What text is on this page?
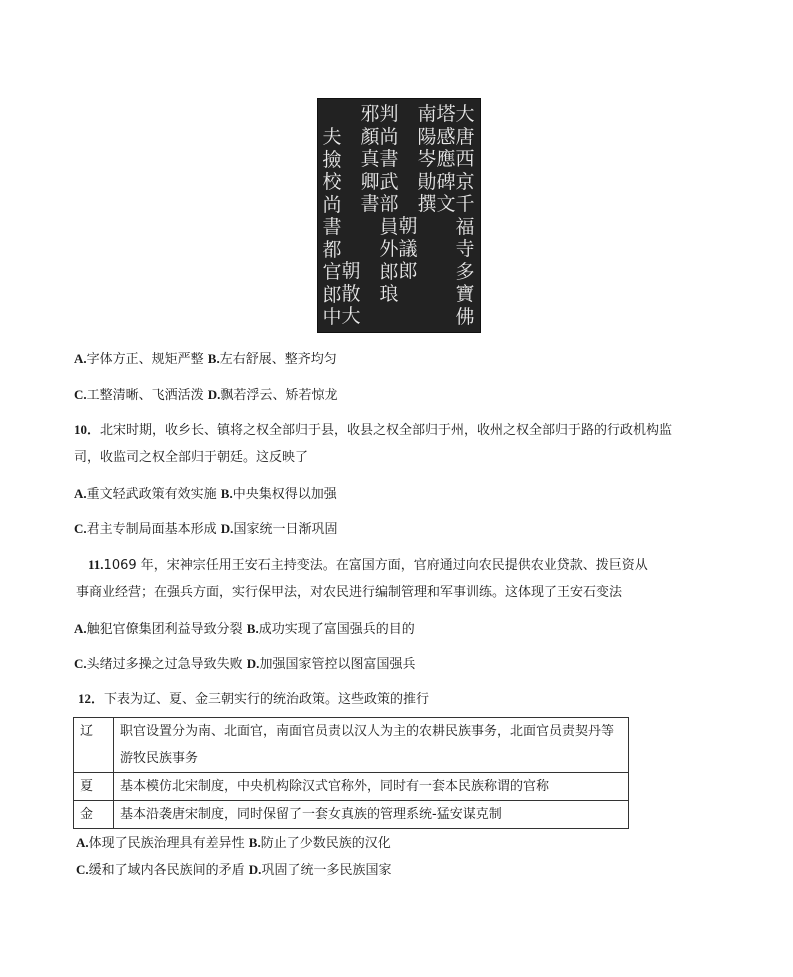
大唐西京千福寺多寶佛
塔感應碑文
南陽岑勛撰
朝議郎
判尚書武部員外郎琅
邪顏真卿書
朝散大
夫撿校尚書都官郎中
A.字体方正、规矩严整 B.左右舒展、整齐均匀
C.工整清晰、飞洒活泼 D.飘若浮云、矫若惊龙
10．北宋时期，收乡长、镇将之权全部归于县，收县之权全部归于州，收州之权全部归于路的行政机构监
司，收监司之权全部归于朝廷。这反映了
A.重文轻武政策有效实施 B.中央集权得以加强
C.君主专制局面基本形成 D.国家统一日渐巩固
11.1069 年，宋神宗任用王安石主持变法。在富国方面，官府通过向农民提供农业贷款、拨巨资从
事商业经营；在强兵方面，实行保甲法，对农民进行编制管理和军事训练。这体现了王安石变法
A.触犯官僚集团利益导致分裂 B.成功实现了富国强兵的目的
C.头绪过多操之过急导致失败 D.加强国家管控以图富国强兵
12．下表为辽、夏、金三朝实行的统治政策。这些政策的推行
辽	职官设置分为南、北面官，南面官员责以汉人为主的农耕民族事务，北面官员责契丹等游牧民族事务
夏	基本模仿北宋制度，中央机构除汉式官称外，同时有一套本民族称谓的官称
金	基本沿袭唐宋制度，同时保留了一套女真族的管理系统-猛安谋克制
A.体现了民族治理具有差异性 B.防止了少数民族的汉化
C.缓和了域内各民族间的矛盾 D.巩固了统一多民族国家
